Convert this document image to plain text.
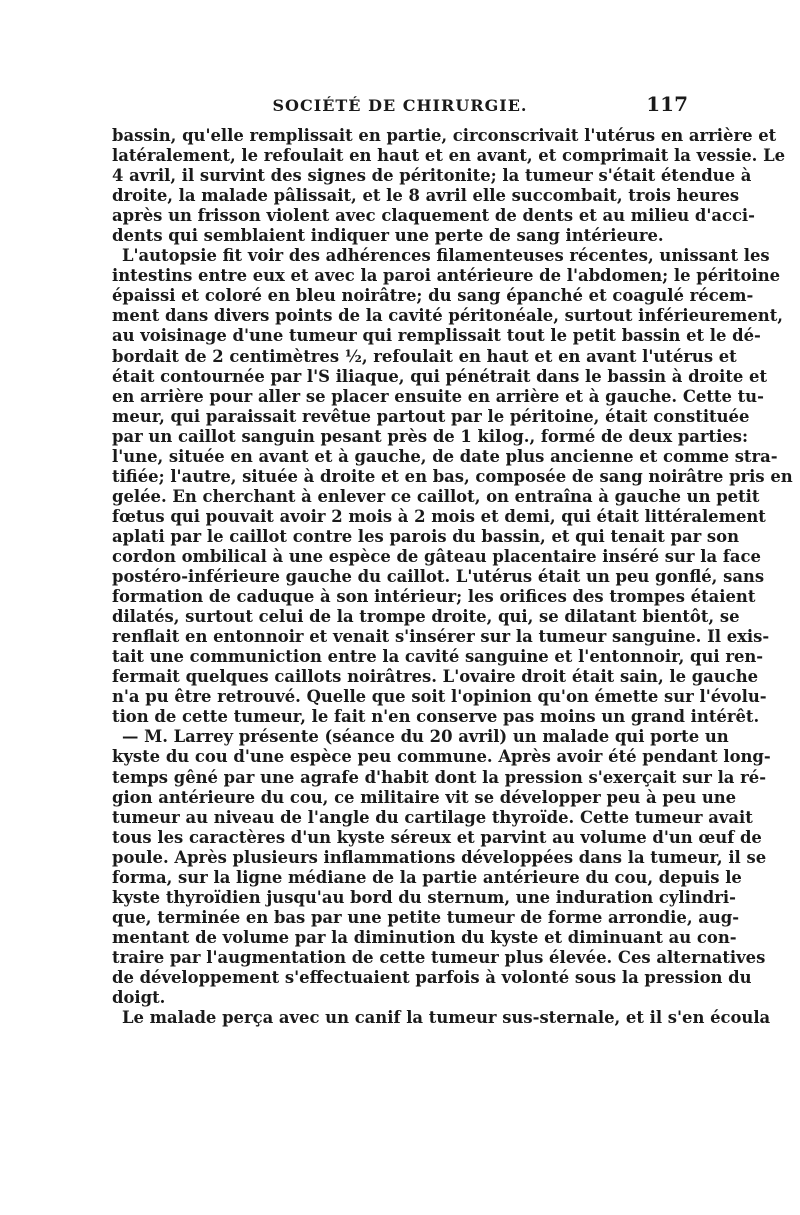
SOCIÉTÉ DE CHIRURGIE.	117
bassin, qu'elle remplissait en partie, circonscrivait l'utérus en arrière et
latéralement, le refoulait en haut et en avant, et comprimait la vessie. Le
4 avril, il survint des signes de péritonite; la tumeur s'était étendue à
droite, la malade pâlissait, et le 8 avril elle succombait, trois heures
après un frisson violent avec claquement de dents et au milieu d'acci-
dents qui semblaient indiquer une perte de sang intérieure.
L'autopsie fit voir des adhérences filamenteuses récentes, unissant les
intestins entre eux et avec la paroi antérieure de l'abdomen; le péritoine
épaissi et coloré en bleu noirâtre; du sang épanché et coagulé récem-
ment dans divers points de la cavité péritonéale, surtout inférieurement,
au voisinage d'une tumeur qui remplissait tout le petit bassin et le dé-
bordait de 2 centimètres ½, refoulait en haut et en avant l'utérus et
était contournée par l'S iliaque, qui pénétrait dans le bassin à droite et
en arrière pour aller se placer ensuite en arrière et à gauche. Cette tu-
meur, qui paraissait revêtue partout par le péritoine, était constituée
par un caillot sanguin pesant près de 1 kilog., formé de deux parties:
l'une, située en avant et à gauche, de date plus ancienne et comme stra-
tifiée; l'autre, située à droite et en bas, composée de sang noirâtre pris en
gelée. En cherchant à enlever ce caillot, on entraîna à gauche un petit
fœtus qui pouvait avoir 2 mois à 2 mois et demi, qui était littéralement
aplati par le caillot contre les parois du bassin, et qui tenait par son
cordon ombilical à une espèce de gâteau placentaire inséré sur la face
postéro-inférieure gauche du caillot. L'utérus était un peu gonflé, sans
formation de caduque à son intérieur; les orifices des trompes étaient
dilatés, surtout celui de la trompe droite, qui, se dilatant bientôt, se
renflait en entonnoir et venait s'insérer sur la tumeur sanguine. Il exis-
tait une communiction entre la cavité sanguine et l'entonnoir, qui ren-
fermait quelques caillots noirâtres. L'ovaire droit était sain, le gauche
n'a pu être retrouvé. Quelle que soit l'opinion qu'on émette sur l'évolu-
tion de cette tumeur, le fait n'en conserve pas moins un grand intérêt.
— M. Larrey présente (séance du 20 avril) un malade qui porte un
kyste du cou d'une espèce peu commune. Après avoir été pendant long-
temps gêné par une agrafe d'habit dont la pression s'exerçait sur la ré-
gion antérieure du cou, ce militaire vit se développer peu à peu une
tumeur au niveau de l'angle du cartilage thyroïde. Cette tumeur avait
tous les caractères d'un kyste séreux et parvint au volume d'un œuf de
poule. Après plusieurs inflammations développées dans la tumeur, il se
forma, sur la ligne médiane de la partie antérieure du cou, depuis le
kyste thyroïdien jusqu'au bord du sternum, une induration cylindri-
que, terminée en bas par une petite tumeur de forme arrondie, aug-
mentant de volume par la diminution du kyste et diminuant au con-
traire par l'augmentation de cette tumeur plus élevée. Ces alternatives
de développement s'effectuaient parfois à volonté sous la pression du
doigt.
Le malade perça avec un canif la tumeur sus-sternale, et il s'en écoula
